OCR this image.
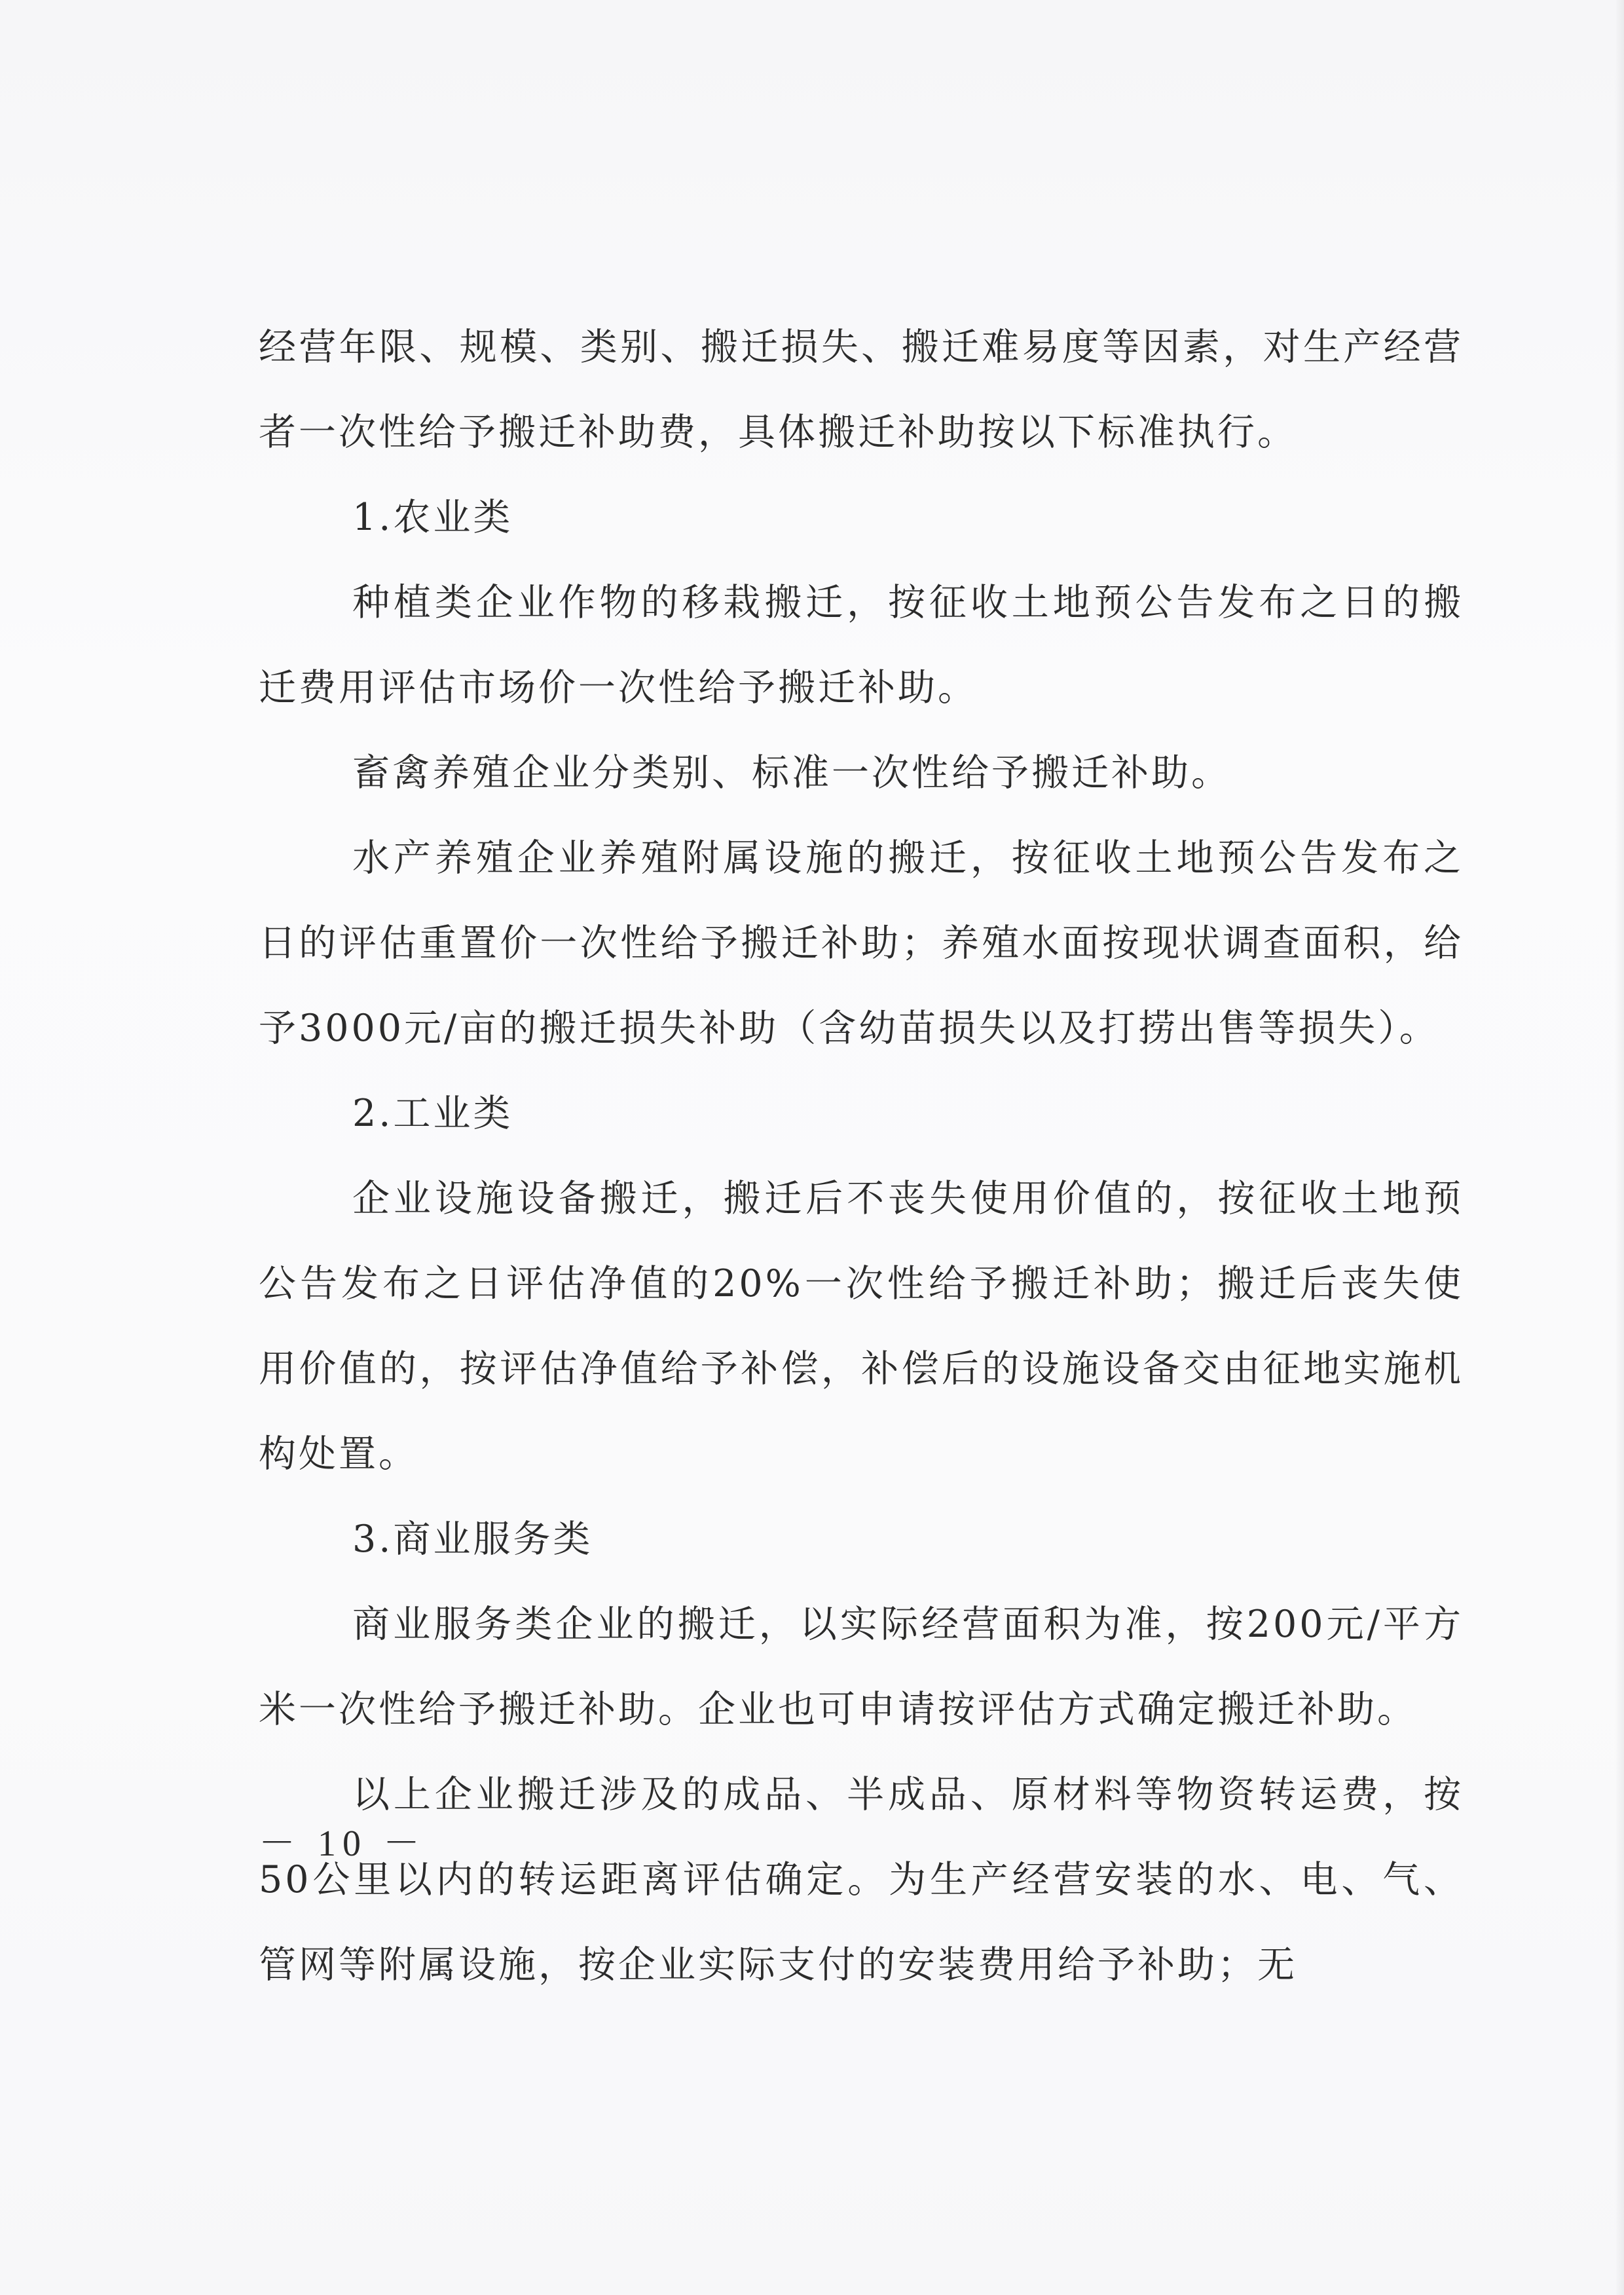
经营年限、规模、类别、搬迁损失、搬迁难易度等因素，对生产经营者一次性给予搬迁补助费，具体搬迁补助按以下标准执行。

1.农业类

种植类企业作物的移栽搬迁，按征收土地预公告发布之日的搬迁费用评估市场价一次性给予搬迁补助。

畜禽养殖企业分类别、标准一次性给予搬迁补助。

水产养殖企业养殖附属设施的搬迁，按征收土地预公告发布之日的评估重置价一次性给予搬迁补助；养殖水面按现状调查面积，给予3000元/亩的搬迁损失补助（含幼苗损失以及打捞出售等损失）。

2.工业类

企业设施设备搬迁，搬迁后不丧失使用价值的，按征收土地预公告发布之日评估净值的20%一次性给予搬迁补助；搬迁后丧失使用价值的，按评估净值给予补偿，补偿后的设施设备交由征地实施机构处置。

3.商业服务类

商业服务类企业的搬迁，以实际经营面积为准，按200元/平方米一次性给予搬迁补助。企业也可申请按评估方式确定搬迁补助。

以上企业搬迁涉及的成品、半成品、原材料等物资转运费，按50公里以内的转运距离评估确定。为生产经营安装的水、电、气、管网等附属设施，按企业实际支付的安装费用给予补助；无

－ 10 －
